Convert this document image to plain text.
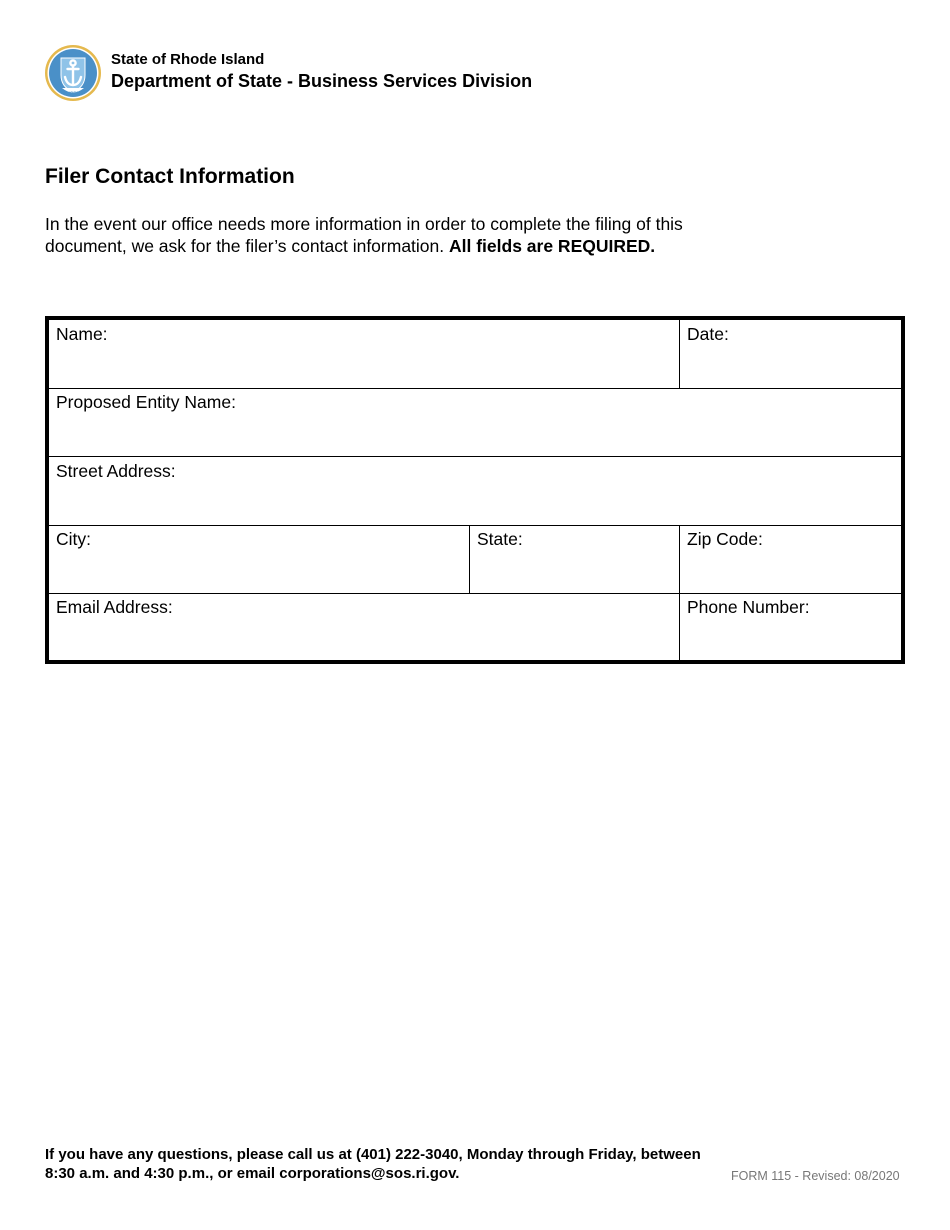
HOPE
State of Rhode Island
Department of State - Business Services Division
Filer Contact Information

In the event our office needs more information in order to complete the filing of this document, we ask for the filer’s contact information. All fields are REQUIRED.

Name:	Date:
Proposed Entity Name:
Street Address:
City:	State:	Zip Code:
Email Address:	Phone Number:

If you have any questions, please call us at (401) 222-3040, Monday through Friday, between 8:30 a.m. and 4:30 p.m., or email corporations@sos.ri.gov.	FORM 115 - Revised: 08/2020
